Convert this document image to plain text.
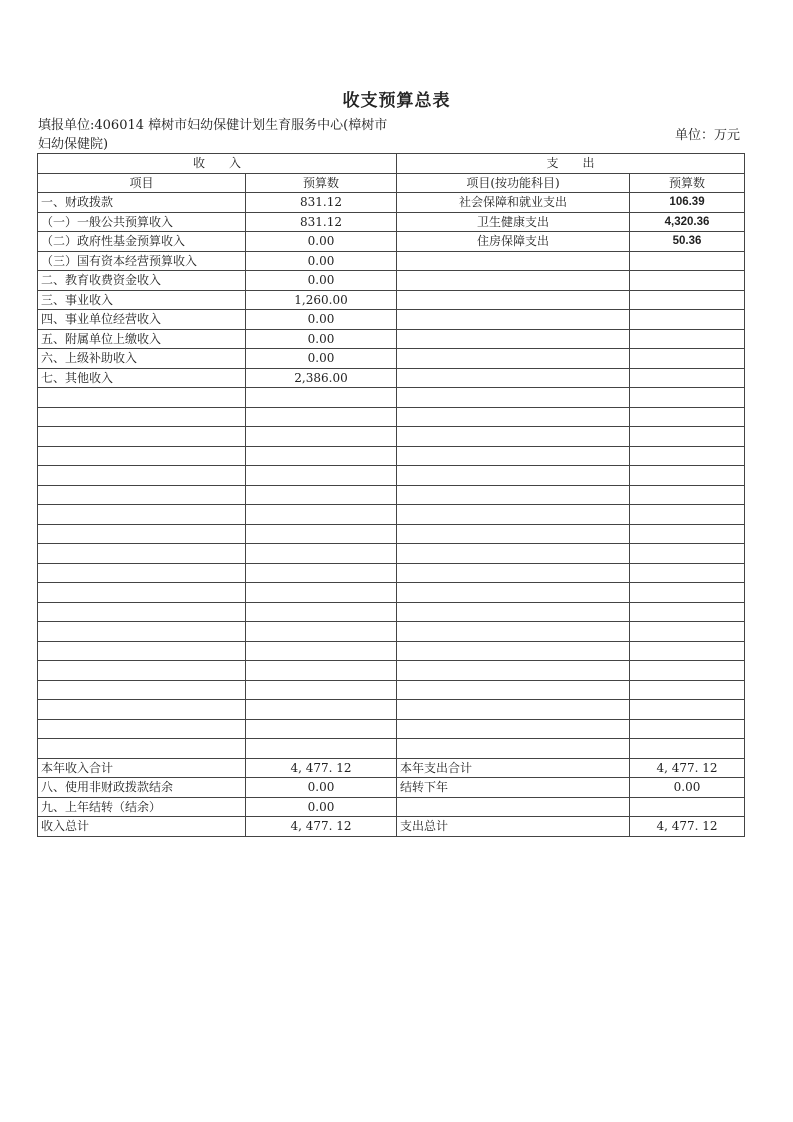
收支预算总表
填报单位:406014 樟树市妇幼保健计划生育服务中心(樟树市妇幼保健院)
单位：万元
收　　入		支　　出	
项目	预算数	项目(按功能科目)	预算数
一、财政拨款	831.12	社会保障和就业支出	106.39
（一）一般公共预算收入	831.12	卫生健康支出	4,320.36
（二）政府性基金预算收入	0.00	住房保障支出	50.36
（三）国有资本经营预算收入	0.00		
二、教育收费资金收入	0.00		
三、事业收入	1,260.00		
四、事业单位经营收入	0.00		
五、附属单位上缴收入	0.00		
六、上级补助收入	0.00		
七、其他收入	2,386.00		

本年收入合计	4, 477. 12	本年支出合计	4, 477. 12
八、使用非财政拨款结余	0.00	结转下年	0.00
九、上年结转（结余）	0.00		
收入总计	4, 477. 12	支出总计	4, 477. 12
